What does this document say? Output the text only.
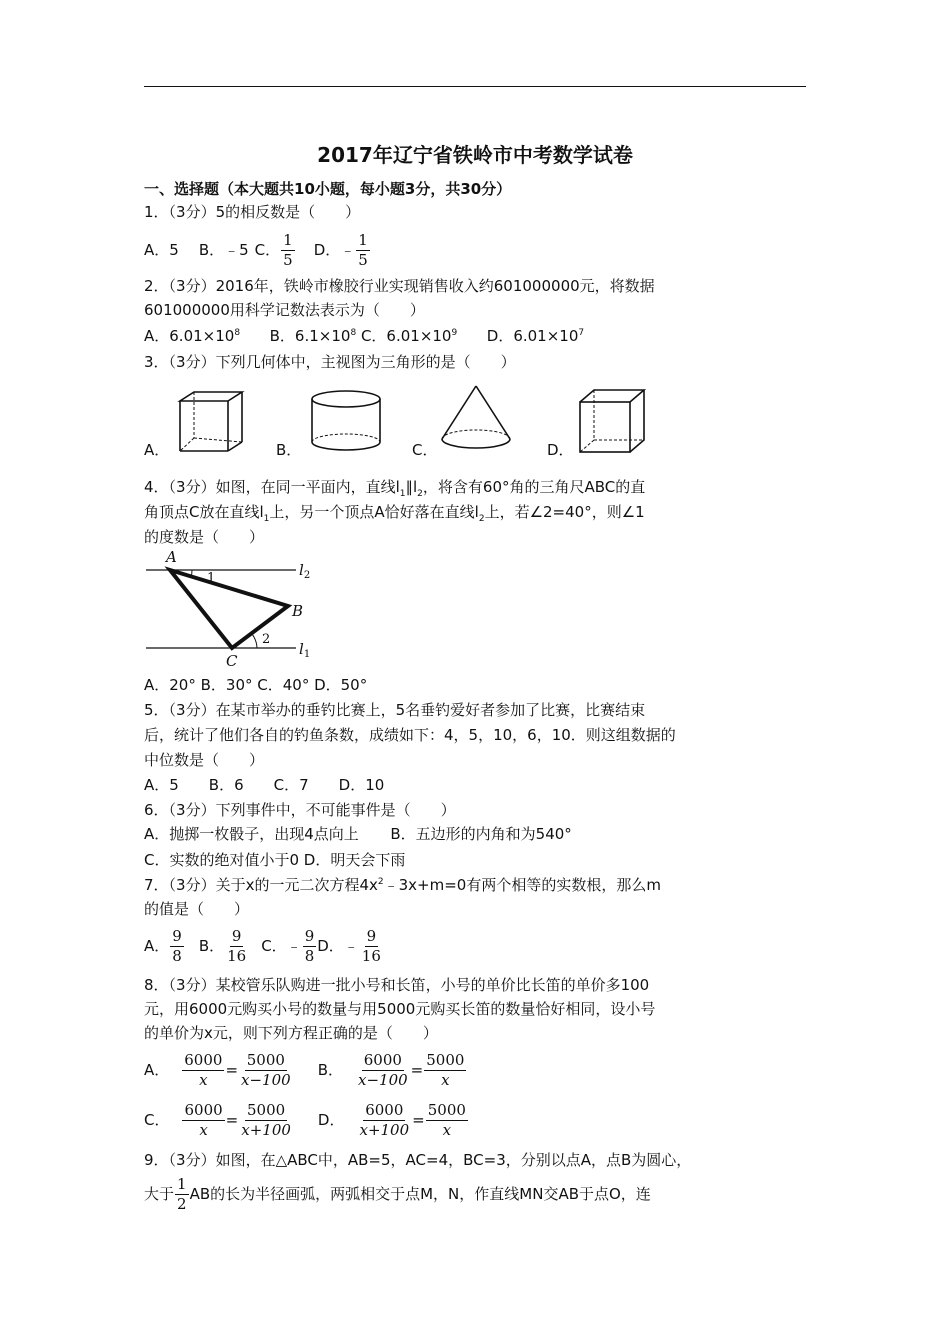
2017年辽宁省铁岭市中考数学试卷
一、选择题（本大题共10小题，每小题3分，共30分）
1．（3分）5的相反数是（　　）
A．5 B．﹣5 C． $\frac{1}{5}$ D．﹣ $\frac{1}{5}$
2．（3分）2016年，铁岭市橡胶行业实现销售收入约601000000元，将数据
601000000用科学记数法表示为（　　）
A．$6.01\times 10^8$ B．$6.1\times 10^8$ C．$6.01\times 10^9$ D．$6.01\times 10^7$
3．（3分）下列几何体中，主视图为三角形的是（　　）
A．	B．	C．	D．
4．（3分）如图，在同一平面内，直线$l_1\parallel l_2$，将含有60°角的三角尺ABC的直
角顶点C放在直线$l_1$上，另一个顶点A恰好落在直线$l_2$上，若∠2=40°，则∠1
的度数是（　　）
A
B
C
$l_2$
$l_1$
1
2
A．20° B．30° C．40° D．50°
5．（3分）在某市举办的垂钓比赛上，5名垂钓爱好者参加了比赛，比赛结束
后，统计了他们各自的钓鱼条数，成绩如下：4，5，10，6，10．则这组数据的
中位数是（　　）
A．5　　B．6　　C．7　　D．10
6．（3分）下列事件中，不可能事件是（　　）
A．抛掷一枚骰子，出现4点向上 B．五边形的内角和为540°
C．实数的绝对值小于0 D．明天会下雨
7．（3分）关于x的一元二次方程$4x^2﹣3x+m=0$有两个相等的实数根，那么m
的值是（　　）
A． $\frac{9}{8}$ B． $\frac{9}{16}$ C．﹣ $\frac{9}{8}$ D．﹣ $\frac{9}{16}$
8．（3分）某校管乐队购进一批小号和长笛，小号的单价比长笛的单价多100
元，用6000元购买小号的数量与用5000元购买长笛的数量恰好相同，设小号
的单价为x元，则下列方程正确的是（　　）
A． $\frac{6000}{x} = \frac{5000}{x-100}$ B． $\frac{6000}{x-100} = \frac{5000}{x}$
C． $\frac{6000}{x} = \frac{5000}{x+100}$ D． $\frac{6000}{x+100} = \frac{5000}{x}$
9．（3分）如图，在△ABC中，AB=5，AC=4，BC=3，分别以点A，点B为圆心，
大于 $\frac{1}{2}$ AB的长为半径画弧，两弧相交于点M，N，作直线MN交AB于点O，连
